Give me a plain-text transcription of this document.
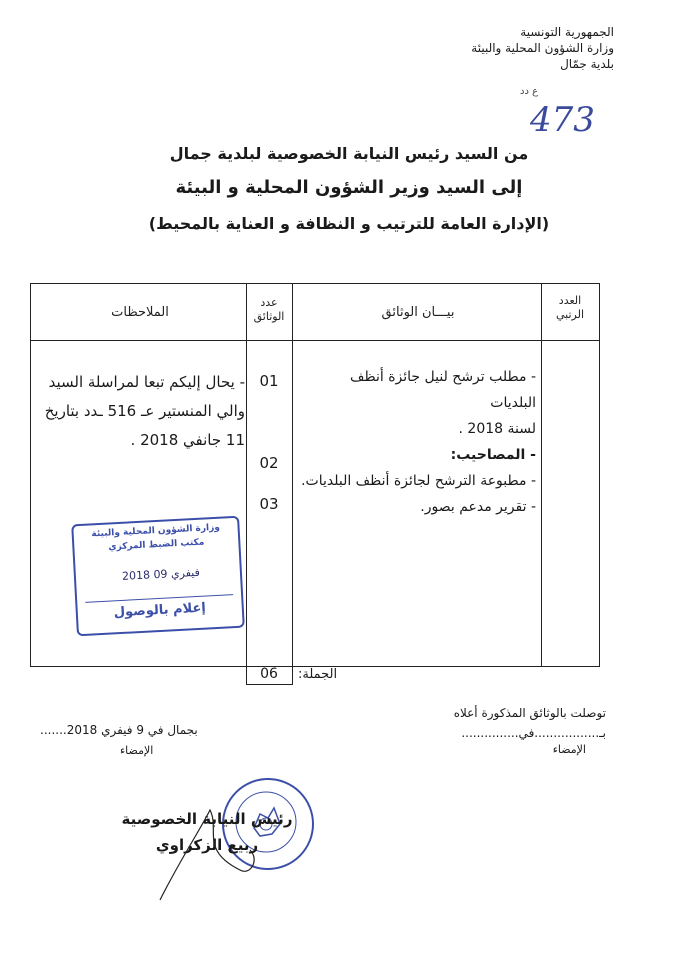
الجمهورية التونسية
وزارة الشؤون المحلية والبيئة
بلدية جمّال
ع دد
473
من السيد رئيس النيابة الخصوصية لبلدية جمال
إلى السيد وزير الشؤون المحلية و البيئة
(الإدارة العامة للترتيب و النظافة و العناية بالمحيط)
العدد الرتبي
بيـــان الوثائق
عدد الوثائق
الملاحظات
- مطلب ترشح لنيل جائزة أنظف البلديات
لسنة 2018 .
- المصاحيب:
- مطبوعة الترشح لجائزة أنظف البلديات.
- تقرير مدعم بصور.
01
02
03
- يحال إليكم تبعا لمراسلة السيد
والي المنستير عـ 516 ـدد بتاريخ
11 جانفي 2018 .
الجملة:
06
وزارة الشؤون المحلية والبيئة
مكتب الضبط المركزي
2018 فيفري 09
إعلام بالوصول
توصلت بالوثائق المذكورة أعلاه
بـ.................في...............
الإمضاء
بجمال في 9 فيفري 2018.......
الإمضاء
رئيس النيابة الخصوصية
ربيع الزكراوي
